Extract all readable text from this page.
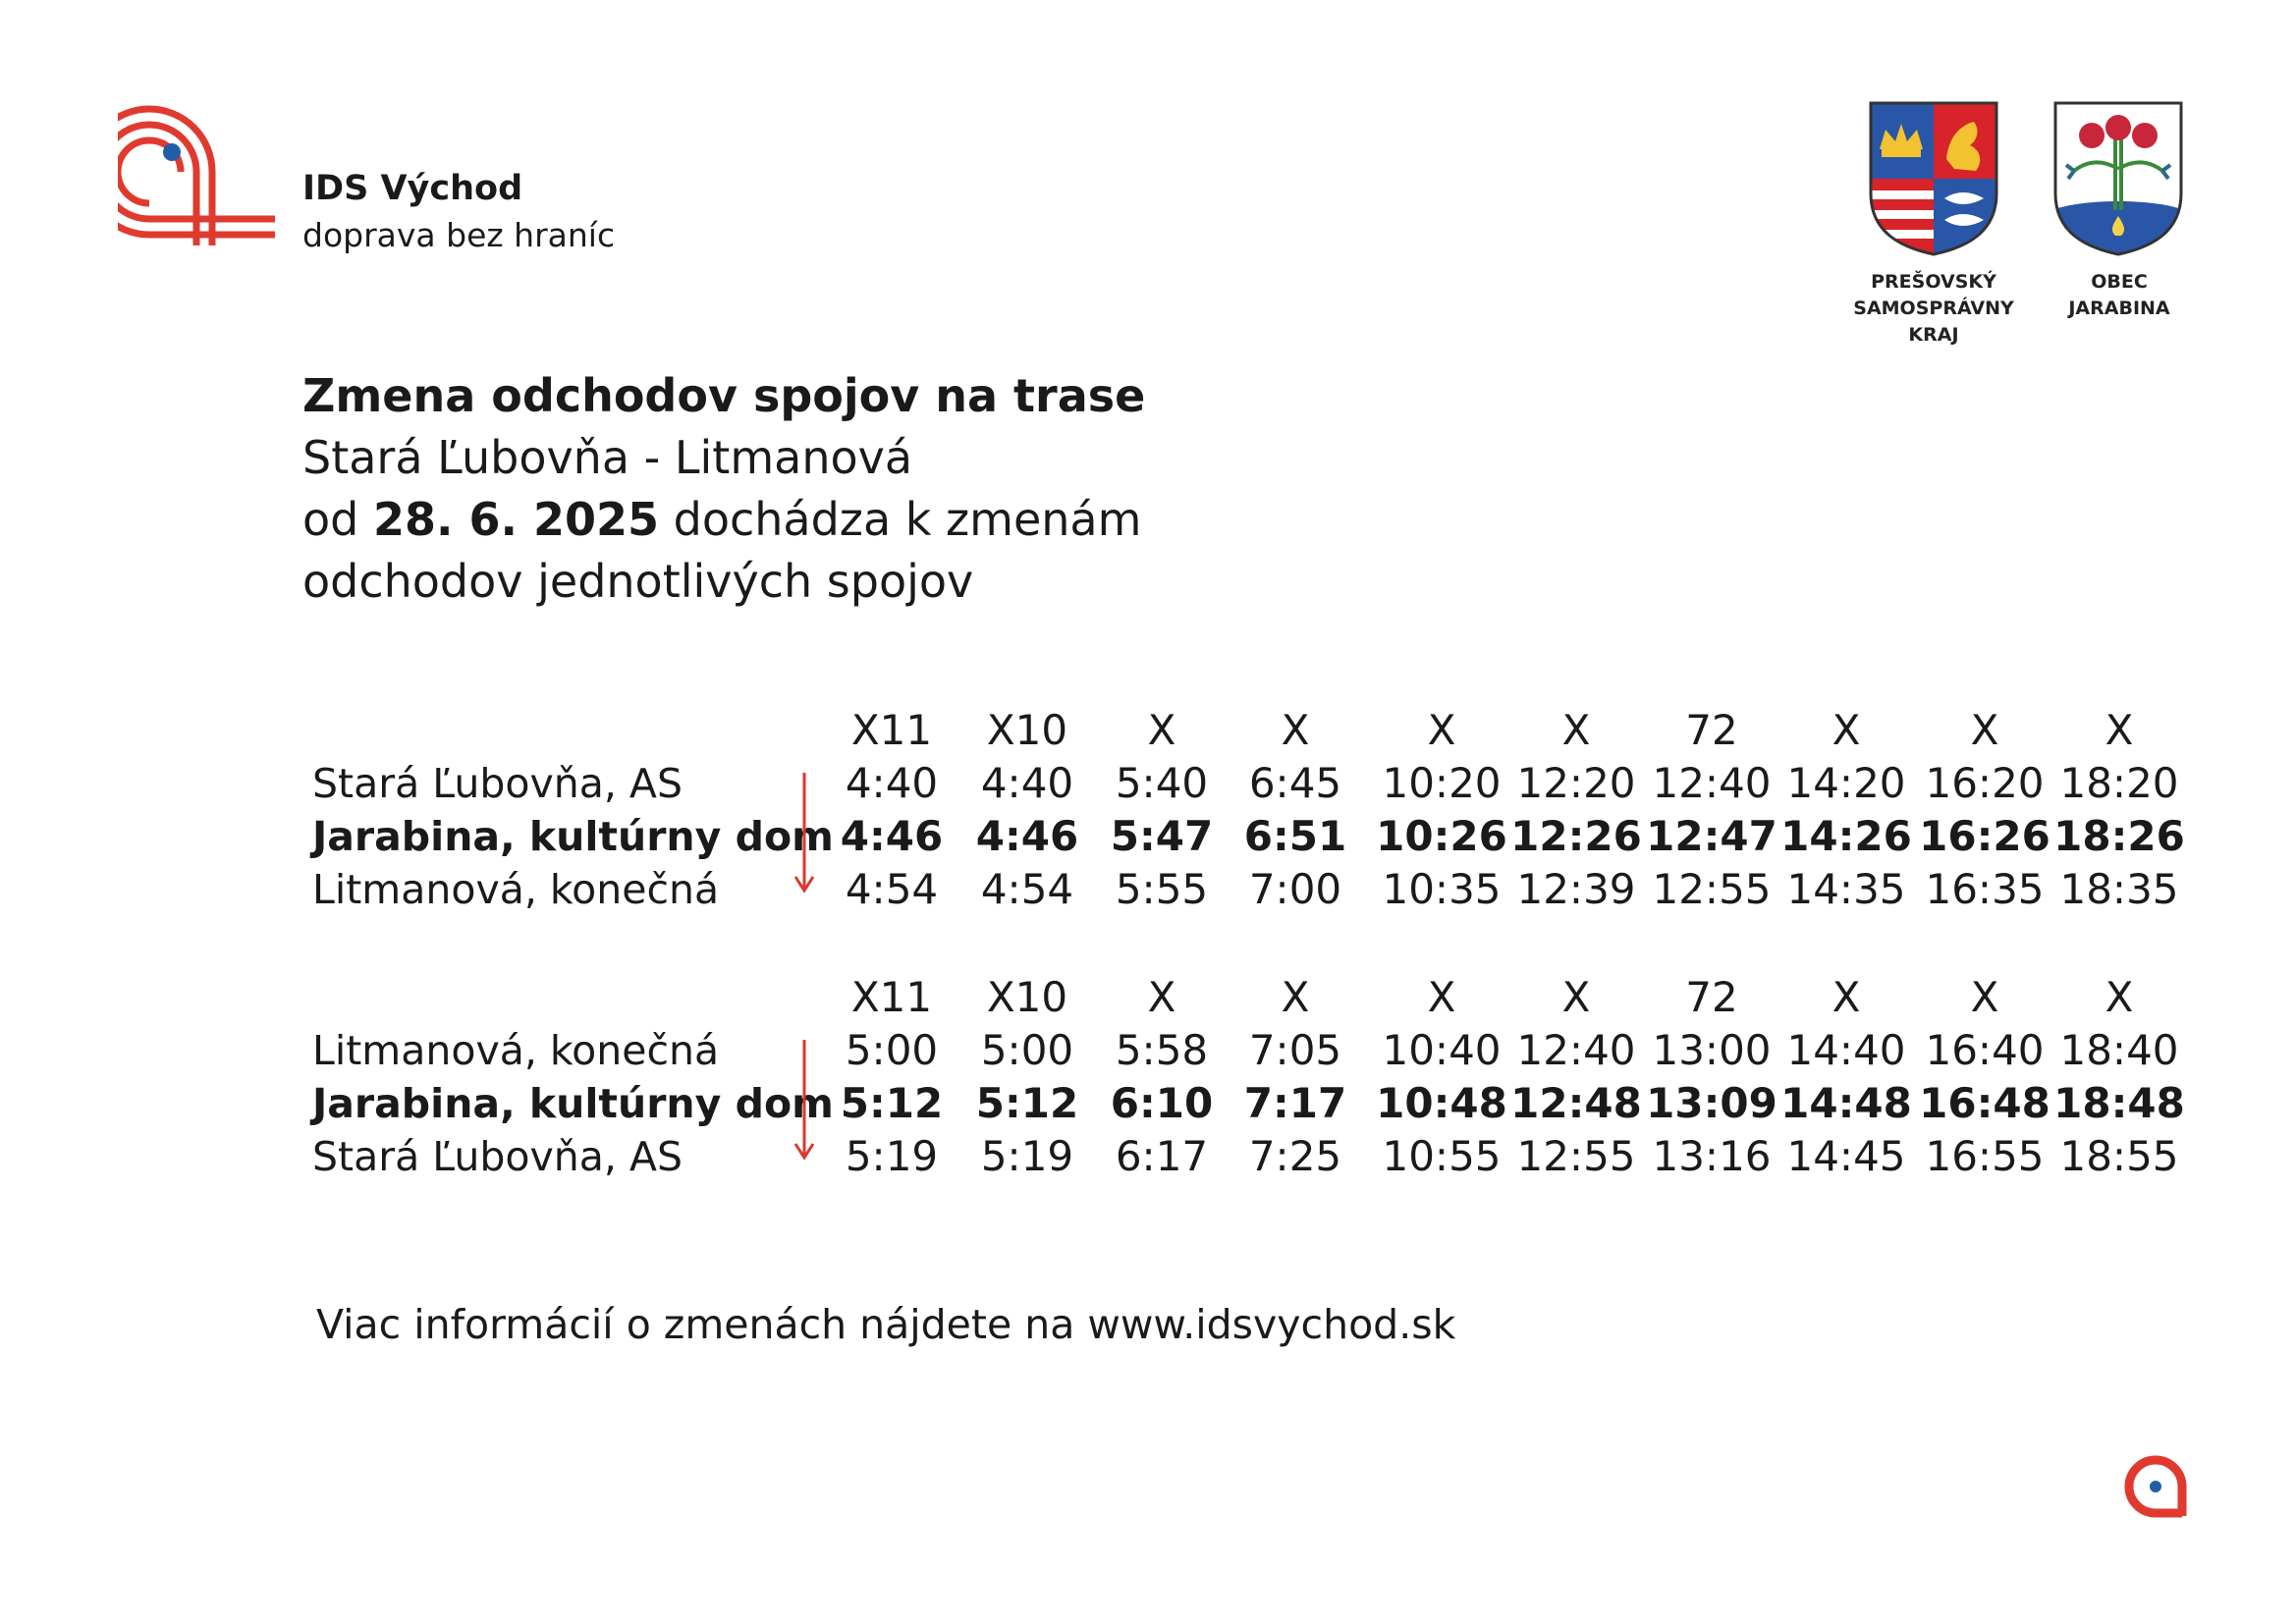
IDS Východ
doprava bez hraníc
PREŠOVSKÝ
SAMOSPRÁVNY
KRAJ
OBEC
JARABINA
Zmena odchodov spojov na trase
Stará Ľubovňa - Litmanová
od 28. 6. 2025 dochádza k zmenám
odchodov jednotlivých spojov
X11	X10	X	X	X	X	72	X	X	X
Stará Ľubovňa, AS	4:40	4:40	5:40 6:45 10:20 12:20 12:40 14:20 16:20 18:20
Jarabina, kultúrny dom 4:46 4:46 5:47 6:51 10:26 12:26 12:47 14:26 16:26 18:26
Litmanová, konečná	4:54	4:54	5:55 7:00 10:35 12:39 12:55 14:35 16:35 18:35
X11	X10	X	X	X	X	72	X	X	X
Litmanová, konečná	5:00	5:00	5:58 7:05 10:40 12:40 13:00 14:40 16:40 18:40
Jarabina, kultúrny dom 5:12 5:12 6:10 7:17 10:48 12:48 13:09 14:48 16:48 18:48
Stará Ľubovňa, AS	5:19	5:19	6:17 7:25 10:55 12:55 13:16 14:45 16:55 18:55
Viac informácií o zmenách nájdete na www.idsvychod.sk
